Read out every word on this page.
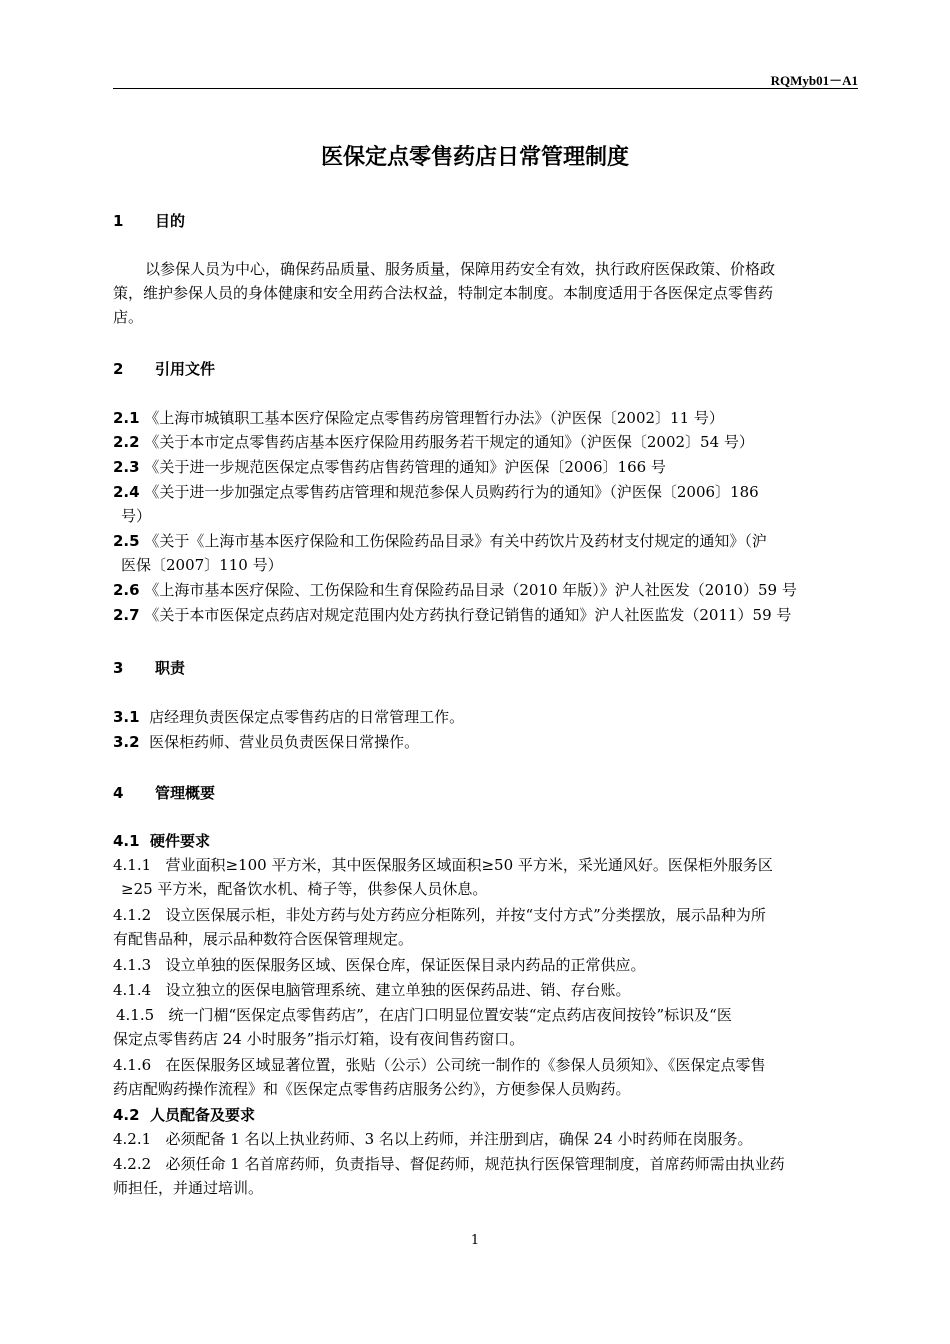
RQMyb01－A1
医保定点零售药店日常管理制度
1 目的
以参保人员为中心，确保药品质量、服务质量，保障用药安全有效，执行政府医保政策、价格政
策，维护参保人员的身体健康和安全用药合法权益，特制定本制度。本制度适用于各医保定点零售药
店。
2 引用文件
2.1 《上海市城镇职工基本医疗保险定点零售药房管理暂行办法》（沪医保〔2002〕11 号）
2.2 《关于本市定点零售药店基本医疗保险用药服务若干规定的通知》（沪医保〔2002〕54 号）
2.3 《关于进一步规范医保定点零售药店售药管理的通知》沪医保〔2006〕166 号
2.4 《关于进一步加强定点零售药店管理和规范参保人员购药行为的通知》（沪医保〔2006〕186
号）
2.5 《关于《上海市基本医疗保险和工伤保险药品目录》有关中药饮片及药材支付规定的通知》（沪
医保〔2007〕110 号）
2.6 《上海市基本医疗保险、工伤保险和生育保险药品目录（2010 年版）》沪人社医发（2010）59 号
2.7 《关于本市医保定点药店对规定范围内处方药执行登记销售的通知》沪人社医监发（2011）59 号
3 职责
3.1 店经理负责医保定点零售药店的日常管理工作。
3.2 医保柜药师、营业员负责医保日常操作。
4 管理概要
4.1 硬件要求
4.1.1 营业面积≥100 平方米，其中医保服务区域面积≥50 平方米，采光通风好。医保柜外服务区
≥25 平方米，配备饮水机、椅子等，供参保人员休息。
4.1.2 设立医保展示柜，非处方药与处方药应分柜陈列，并按“支付方式”分类摆放，展示品种为所
有配售品种，展示品种数符合医保管理规定。
4.1.3 设立单独的医保服务区域、医保仓库，保证医保目录内药品的正常供应。
4.1.4 设立独立的医保电脑管理系统、建立单独的医保药品进、销、存台账。
4.1.5 统一门楣“医保定点零售药店”，在店门口明显位置安装“定点药店夜间按铃”标识及“医
保定点零售药店 24 小时服务”指示灯箱，设有夜间售药窗口。
4.1.6 在医保服务区域显著位置，张贴（公示）公司统一制作的《参保人员须知》、《医保定点零售
药店配购药操作流程》和《医保定点零售药店服务公约》，方便参保人员购药。
4.2 人员配备及要求
4.2.1 必须配备 1 名以上执业药师、3 名以上药师，并注册到店，确保 24 小时药师在岗服务。
4.2.2 必须任命 1 名首席药师，负责指导、督促药师，规范执行医保管理制度，首席药师需由执业药
师担任，并通过培训。
1
